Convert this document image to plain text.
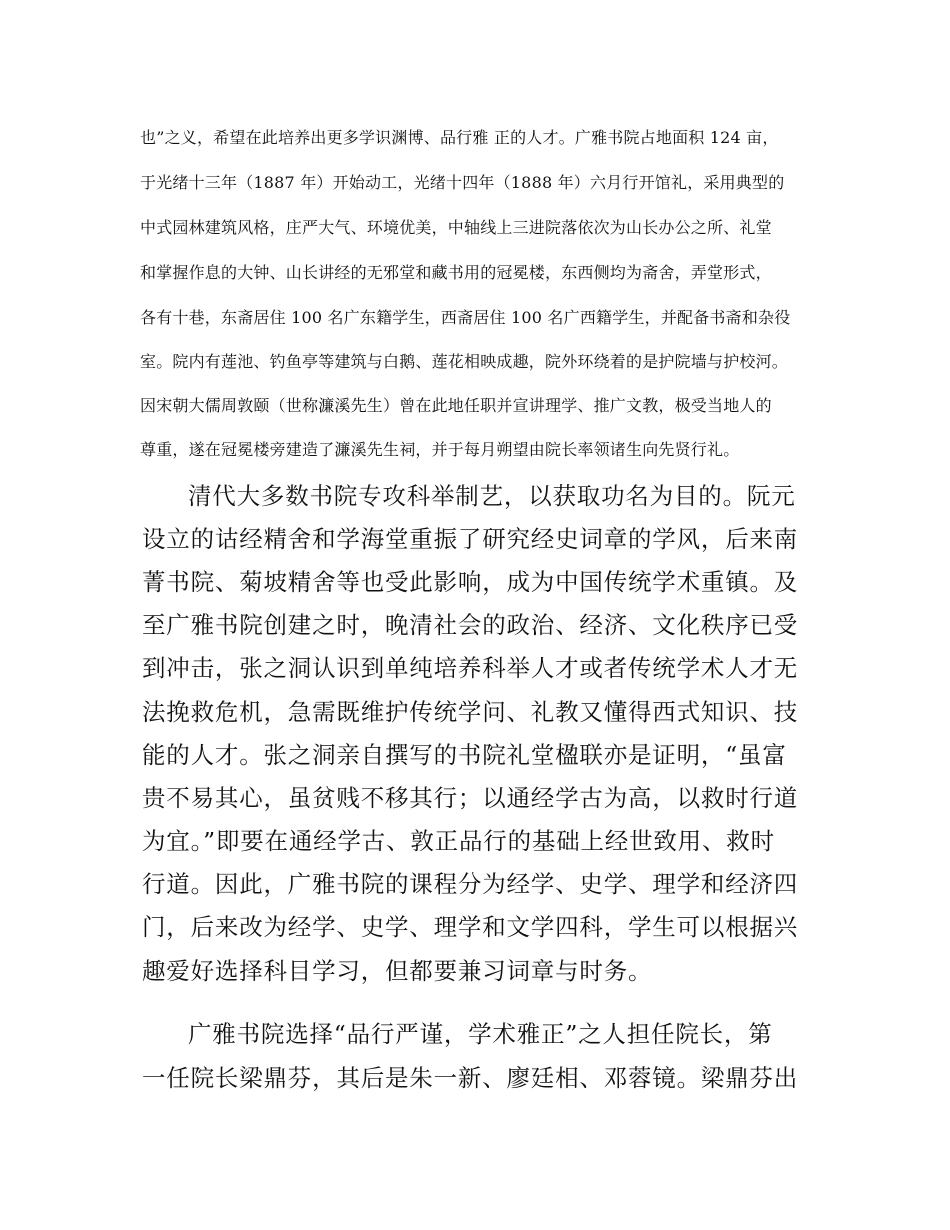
也”之义，希望在此培养出更多学识渊博、品行雅 正的人才。广雅书院占地面积 124 亩，

于光绪十三年（1887 年）开始动工，光绪十四年（1888 年）六月行开馆礼，采用典型的

中式园林建筑风格，庄严大气、环境优美，中轴线上三进院落依次为山长办公之所、礼堂

和掌握作息的大钟、山长讲经的无邪堂和藏书用的冠冕楼，东西侧均为斋舍，弄堂形式，

各有十巷，东斋居住 100 名广东籍学生，西斋居住 100 名广西籍学生，并配备书斋和杂役

室。院内有莲池、钓鱼亭等建筑与白鹅、莲花相映成趣，院外环绕着的是护院墙与护校河。

因宋朝大儒周敦颐（世称濂溪先生）曾在此地任职并宣讲理学、推广文教，极受当地人的

尊重，遂在冠冕楼旁建造了濂溪先生祠，并于每月朔望由院长率领诸生向先贤行礼。

清代大多数书院专攻科举制艺，以获取功名为目的。阮元

设立的诂经精舍和学海堂重振了研究经史词章的学风，后来南

菁书院、菊坡精舍等也受此影响，成为中国传统学术重镇。及

至广雅书院创建之时，晚清社会的政治、经济、文化秩序已受

到冲击，张之洞认识到单纯培养科举人才或者传统学术人才无

法挽救危机，急需既维护传统学问、礼教又懂得西式知识、技

能的人才。张之洞亲自撰写的书院礼堂楹联亦是证明，“虽富

贵不易其心，虽贫贱不移其行；以通经学古为高，以救时行道

为宜。”即要在通经学古、敦正品行的基础上经世致用、救时

行道。因此，广雅书院的课程分为经学、史学、理学和经济四

门，后来改为经学、史学、理学和文学四科，学生可以根据兴

趣爱好选择科目学习，但都要兼习词章与时务。

广雅书院选择“品行严谨，学术雅正”之人担任院长，第

一任院长梁鼎芬，其后是朱一新、廖廷相、邓蓉镜。梁鼎芬出
